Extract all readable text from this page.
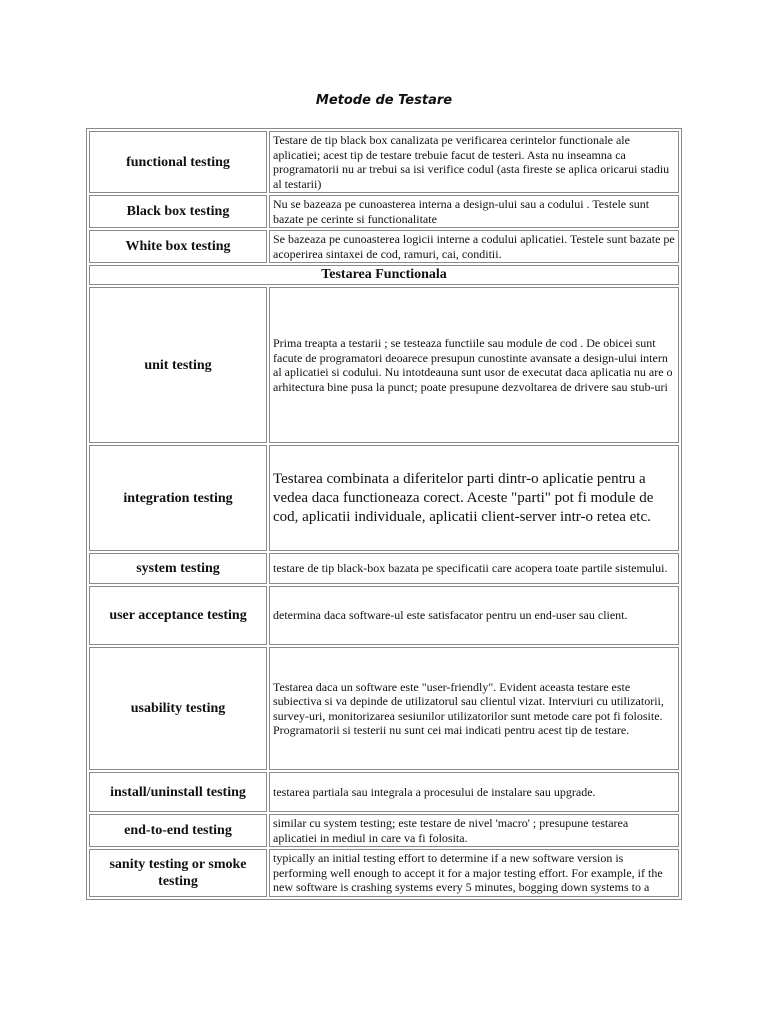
Metode de Testare
functional testing	Testare de tip black box canalizata pe verificarea cerintelor functionale ale aplicatiei; acest tip de testare trebuie facut de testeri. Asta nu inseamna ca programatorii nu ar trebui sa isi verifice codul (asta fireste se aplica oricarui stadiu al testarii)
Black box testing	Nu se bazeaza pe cunoasterea interna a design-ului sau a codului . Testele sunt bazate pe cerinte si functionalitate
White box testing	Se bazeaza pe cunoasterea logicii interne a codului aplicatiei. Testele sunt bazate pe acoperirea sintaxei de cod, ramuri, cai, conditii.
Testarea Functionala	
unit testing	Prima treapta a testarii ; se testeaza functiile sau module de cod . De obicei sunt facute de programatori deoarece presupun cunostinte avansate a design-ului intern al aplicatiei si codului. Nu intotdeauna sunt usor de executat daca aplicatia nu are o arhitectura bine pusa la punct; poate presupune dezvoltarea de drivere sau stub-uri
integration testing	Testarea combinata a diferitelor parti dintr-o aplicatie pentru a vedea daca functioneaza corect. Aceste "parti" pot fi module de cod, aplicatii individuale, aplicatii client-server intr-o retea etc.
system testing	testare de tip black-box bazata pe specificatii care acopera toate partile sistemului.
user acceptance testing	determina daca software-ul este satisfacator pentru un end-user sau client.
usability testing	Testarea daca un software este "user-friendly". Evident aceasta testare este subiectiva si va depinde de utilizatorul sau clientul vizat. Interviuri cu utilizatorii, survey-uri, monitorizarea sesiunilor utilizatorilor sunt metode care pot fi folosite. Programatorii si testerii nu sunt cei mai indicati pentru acest tip de testare.
install/uninstall testing	testarea partiala sau integrala a procesului de instalare sau upgrade.
end-to-end testing	similar cu system testing; este testare de nivel 'macro' ; presupune testarea aplicatiei in mediul in care va fi folosita.
sanity testing or smoke testing	typically an initial testing effort to determine if a new software version is performing well enough to accept it for a major testing effort. For example, if the new software is crashing systems every 5 minutes, bogging down systems to a
